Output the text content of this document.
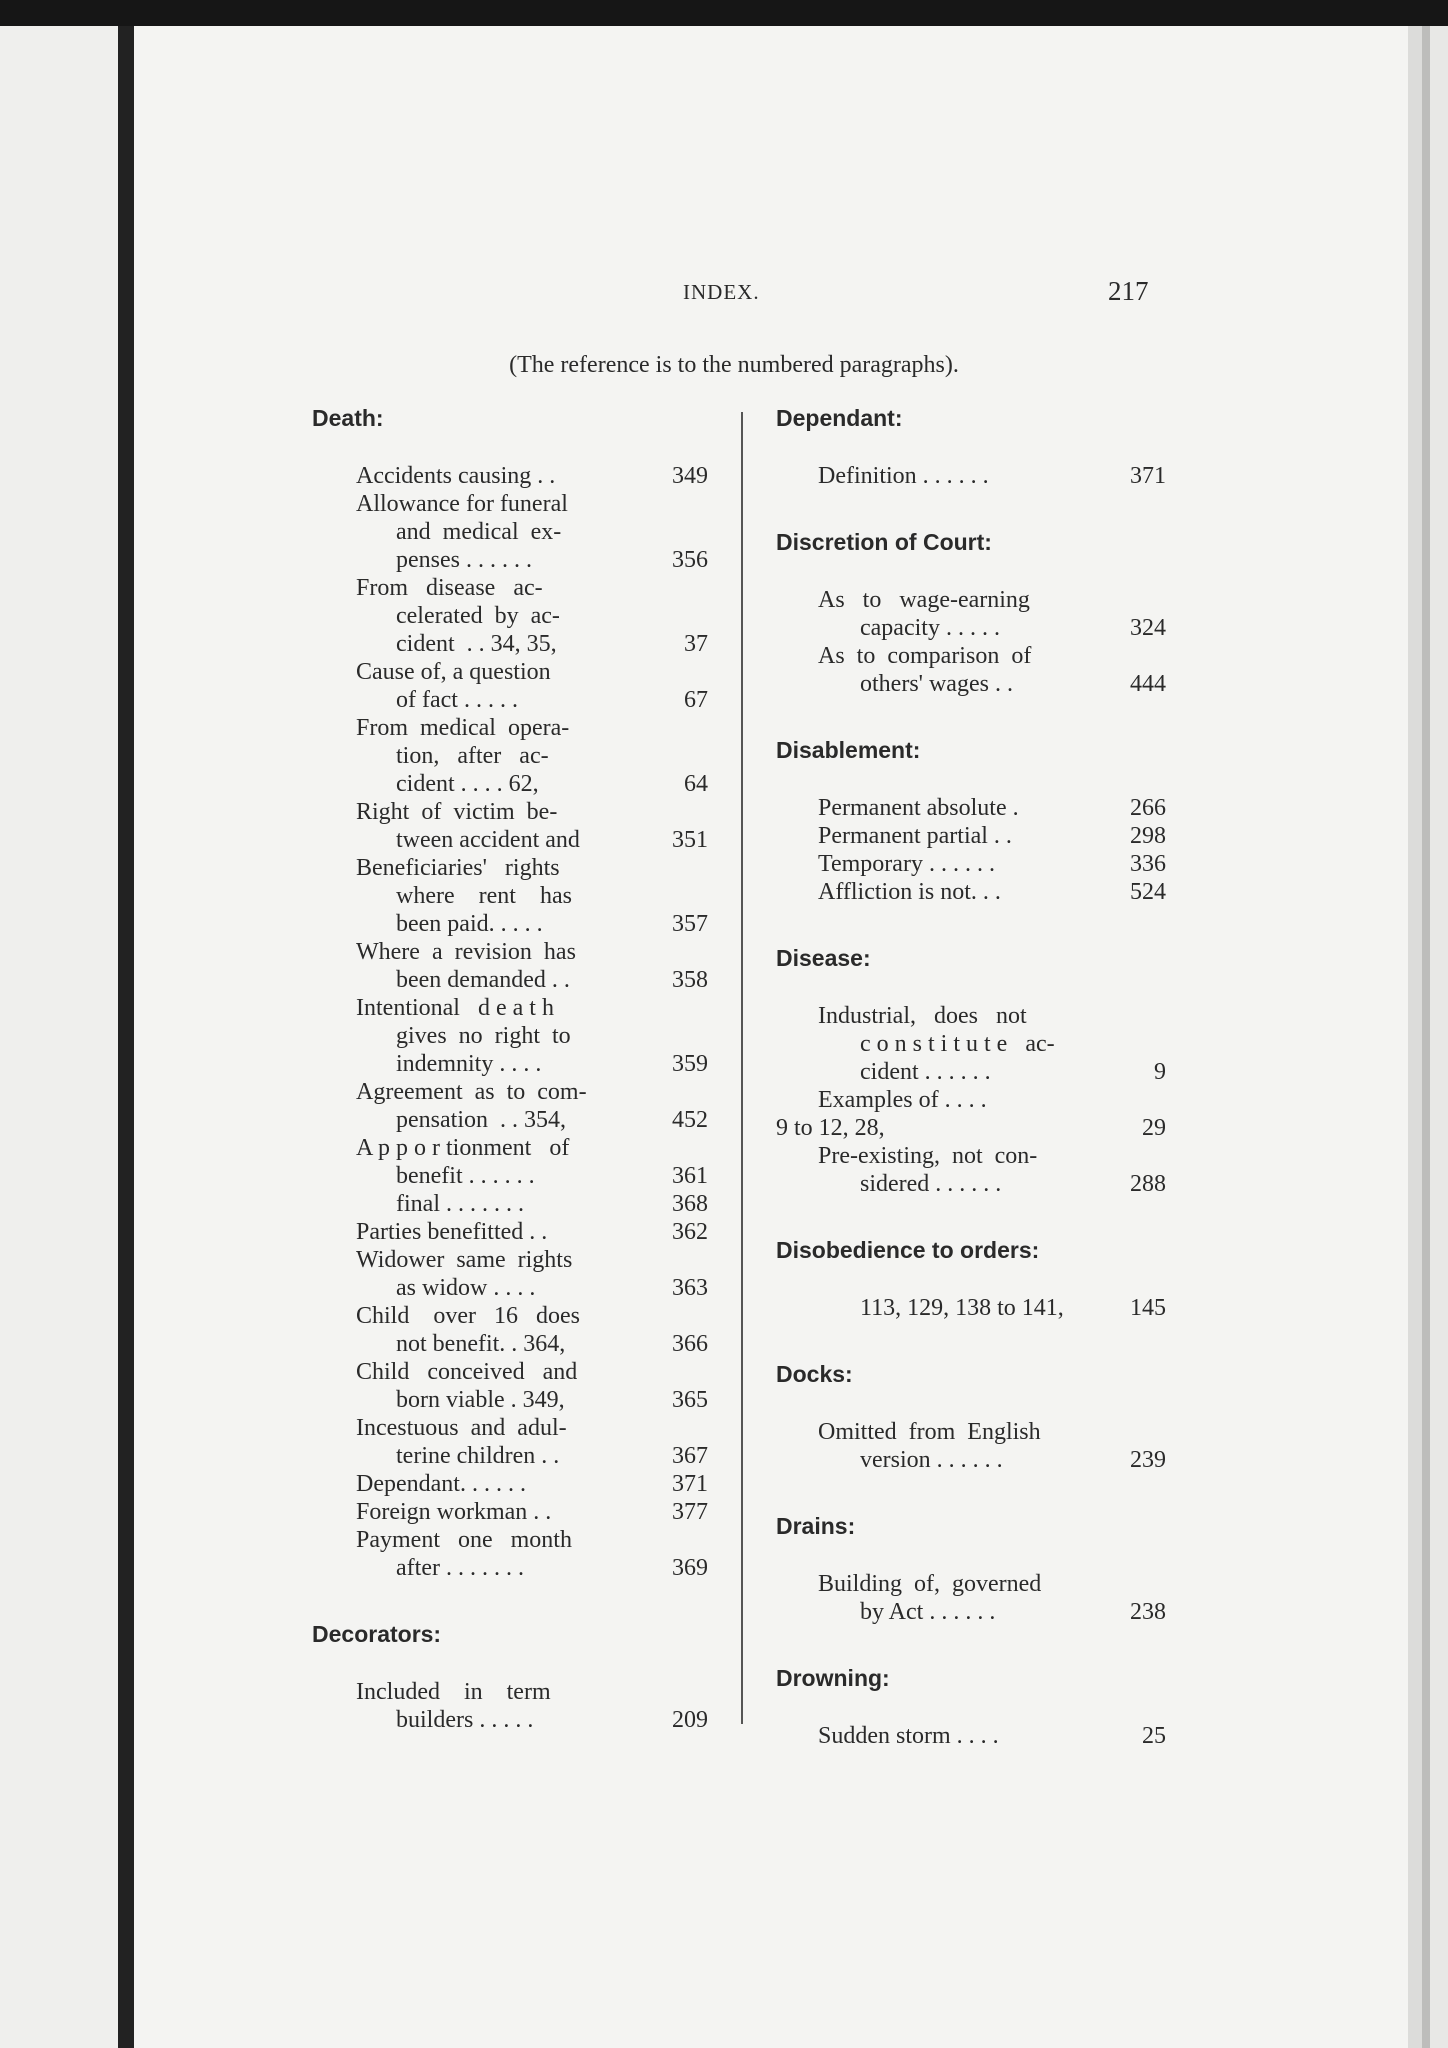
INDEX.	217
(The reference is to the numbered paragraphs).
Death:
Accidents causing . .	349
Allowance for funeral
and  medical  ex-
penses . . . . . .	356
From   disease   ac-
celerated  by  ac-
cident  . . 34, 35,	37
Cause of, a question
of fact . . . . .	67
From  medical  opera-
tion,   after   ac-
cident . . . . 62,	64
Right  of  victim  be-
tween accident and	351
Beneficiaries'   rights
where    rent    has
been paid. . . . .	357
Where  a  revision  has
been demanded . .	358
Intentional   d e a t h
gives  no  right  to
indemnity . . . .	359
Agreement  as  to  com-
pensation  . . 354,	452
A p p o r tionment   of
benefit . . . . . .	361
final . . . . . . .	368
Parties benefitted . .	362
Widower  same  rights
as widow . . . .	363
Child    over   16   does
not benefit. . 364,	366
Child   conceived   and
born viable . 349,	365
Incestuous  and  adul-
terine children . .	367
Dependant. . . . . .	371
Foreign workman . .	377
Payment   one   month
after . . . . . . .	369
Decorators:
Included    in    term
builders . . . . .	209
Dependant:
Definition . . . . . .	371
Discretion of Court:
As   to   wage-earning
capacity . . . . .	324
As  to  comparison  of
others' wages . .	444
Disablement:
Permanent absolute .	266
Permanent partial . .	298
Temporary . . . . . .	336
Affliction is not. . .	524
Disease:
Industrial,   does   not
c o n s t i t u t e   ac-
cident . . . . . .	9
Examples of . . . .
9 to 12, 28,	29
Pre-existing,  not  con-
sidered . . . . . .	288
Disobedience to orders:
113, 129, 138 to 141,	145
Docks:
Omitted  from  English
version . . . . . .	239
Drains:
Building  of,  governed
by Act . . . . . .	238
Drowning:
Sudden storm . . . .	25
